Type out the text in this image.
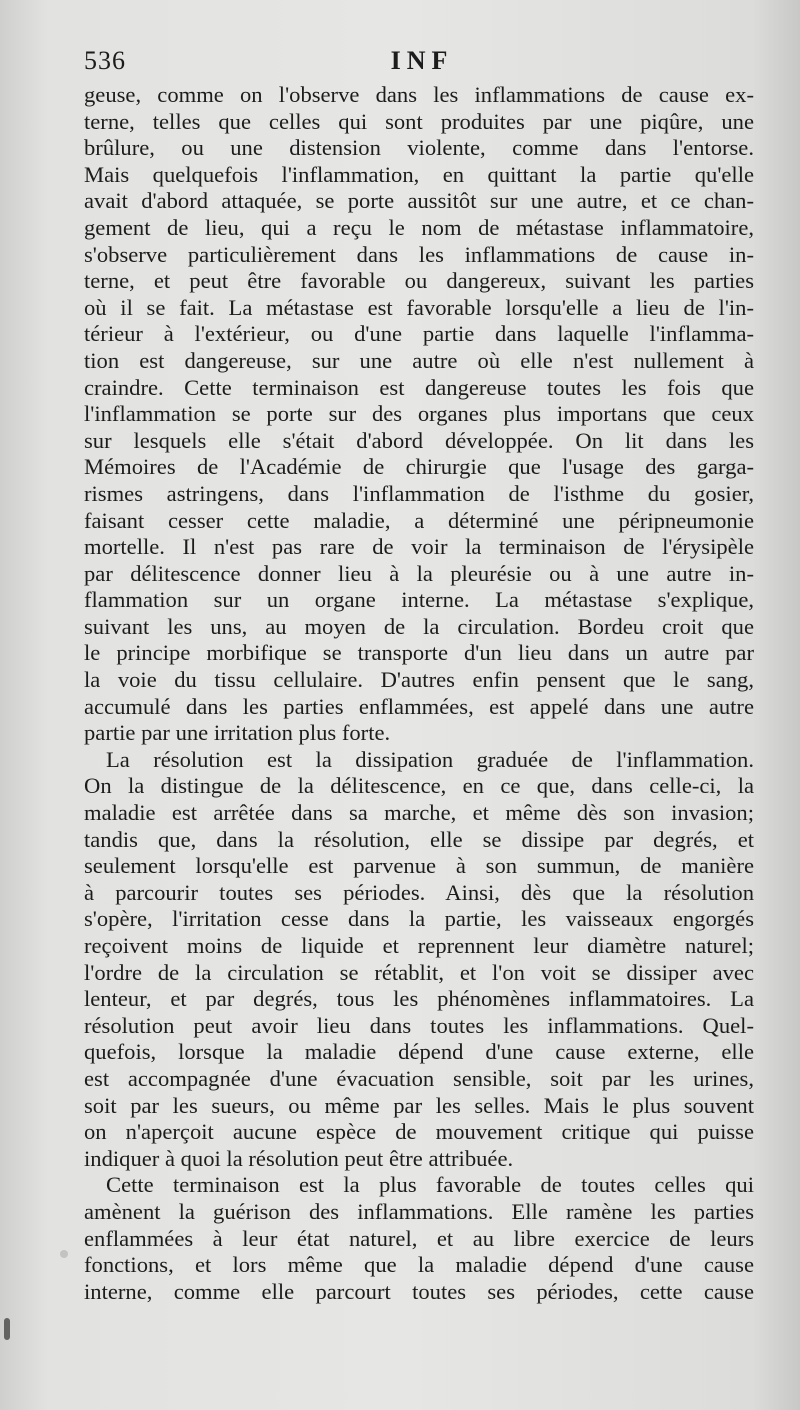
536	INF
geuse, comme on l'observe dans les inflammations de cause ex-
terne, telles que celles qui sont produites par une piqûre, une
brûlure, ou une distension violente, comme dans l'entorse.
Mais quelquefois l'inflammation, en quittant la partie qu'elle
avait d'abord attaquée, se porte aussitôt sur une autre, et ce chan-
gement de lieu, qui a reçu le nom de métastase inflammatoire,
s'observe particulièrement dans les inflammations de cause in-
terne, et peut être favorable ou dangereux, suivant les parties
où il se fait. La métastase est favorable lorsqu'elle a lieu de l'in-
térieur à l'extérieur, ou d'une partie dans laquelle l'inflamma-
tion est dangereuse, sur une autre où elle n'est nullement à
craindre. Cette terminaison est dangereuse toutes les fois que
l'inflammation se porte sur des organes plus importans que ceux
sur lesquels elle s'était d'abord développée. On lit dans les
Mémoires de l'Académie de chirurgie que l'usage des garga-
rismes astringens, dans l'inflammation de l'isthme du gosier,
faisant cesser cette maladie, a déterminé une péripneumonie
mortelle. Il n'est pas rare de voir la terminaison de l'érysipèle
par délitescence donner lieu à la pleurésie ou à une autre in-
flammation sur un organe interne. La métastase s'explique,
suivant les uns, au moyen de la circulation. Bordeu croit que
le principe morbifique se transporte d'un lieu dans un autre par
la voie du tissu cellulaire. D'autres enfin pensent que le sang,
accumulé dans les parties enflammées, est appelé dans une autre
partie par une irritation plus forte.
La résolution est la dissipation graduée de l'inflammation.
On la distingue de la délitescence, en ce que, dans celle-ci, la
maladie est arrêtée dans sa marche, et même dès son invasion;
tandis que, dans la résolution, elle se dissipe par degrés, et
seulement lorsqu'elle est parvenue à son summun, de manière
à parcourir toutes ses périodes. Ainsi, dès que la résolution
s'opère, l'irritation cesse dans la partie, les vaisseaux engorgés
reçoivent moins de liquide et reprennent leur diamètre naturel;
l'ordre de la circulation se rétablit, et l'on voit se dissiper avec
lenteur, et par degrés, tous les phénomènes inflammatoires. La
résolution peut avoir lieu dans toutes les inflammations. Quel-
quefois, lorsque la maladie dépend d'une cause externe, elle
est accompagnée d'une évacuation sensible, soit par les urines,
soit par les sueurs, ou même par les selles. Mais le plus souvent
on n'aperçoit aucune espèce de mouvement critique qui puisse
indiquer à quoi la résolution peut être attribuée.
Cette terminaison est la plus favorable de toutes celles qui
amènent la guérison des inflammations. Elle ramène les parties
enflammées à leur état naturel, et au libre exercice de leurs
fonctions, et lors même que la maladie dépend d'une cause
interne, comme elle parcourt toutes ses périodes, cette cause
